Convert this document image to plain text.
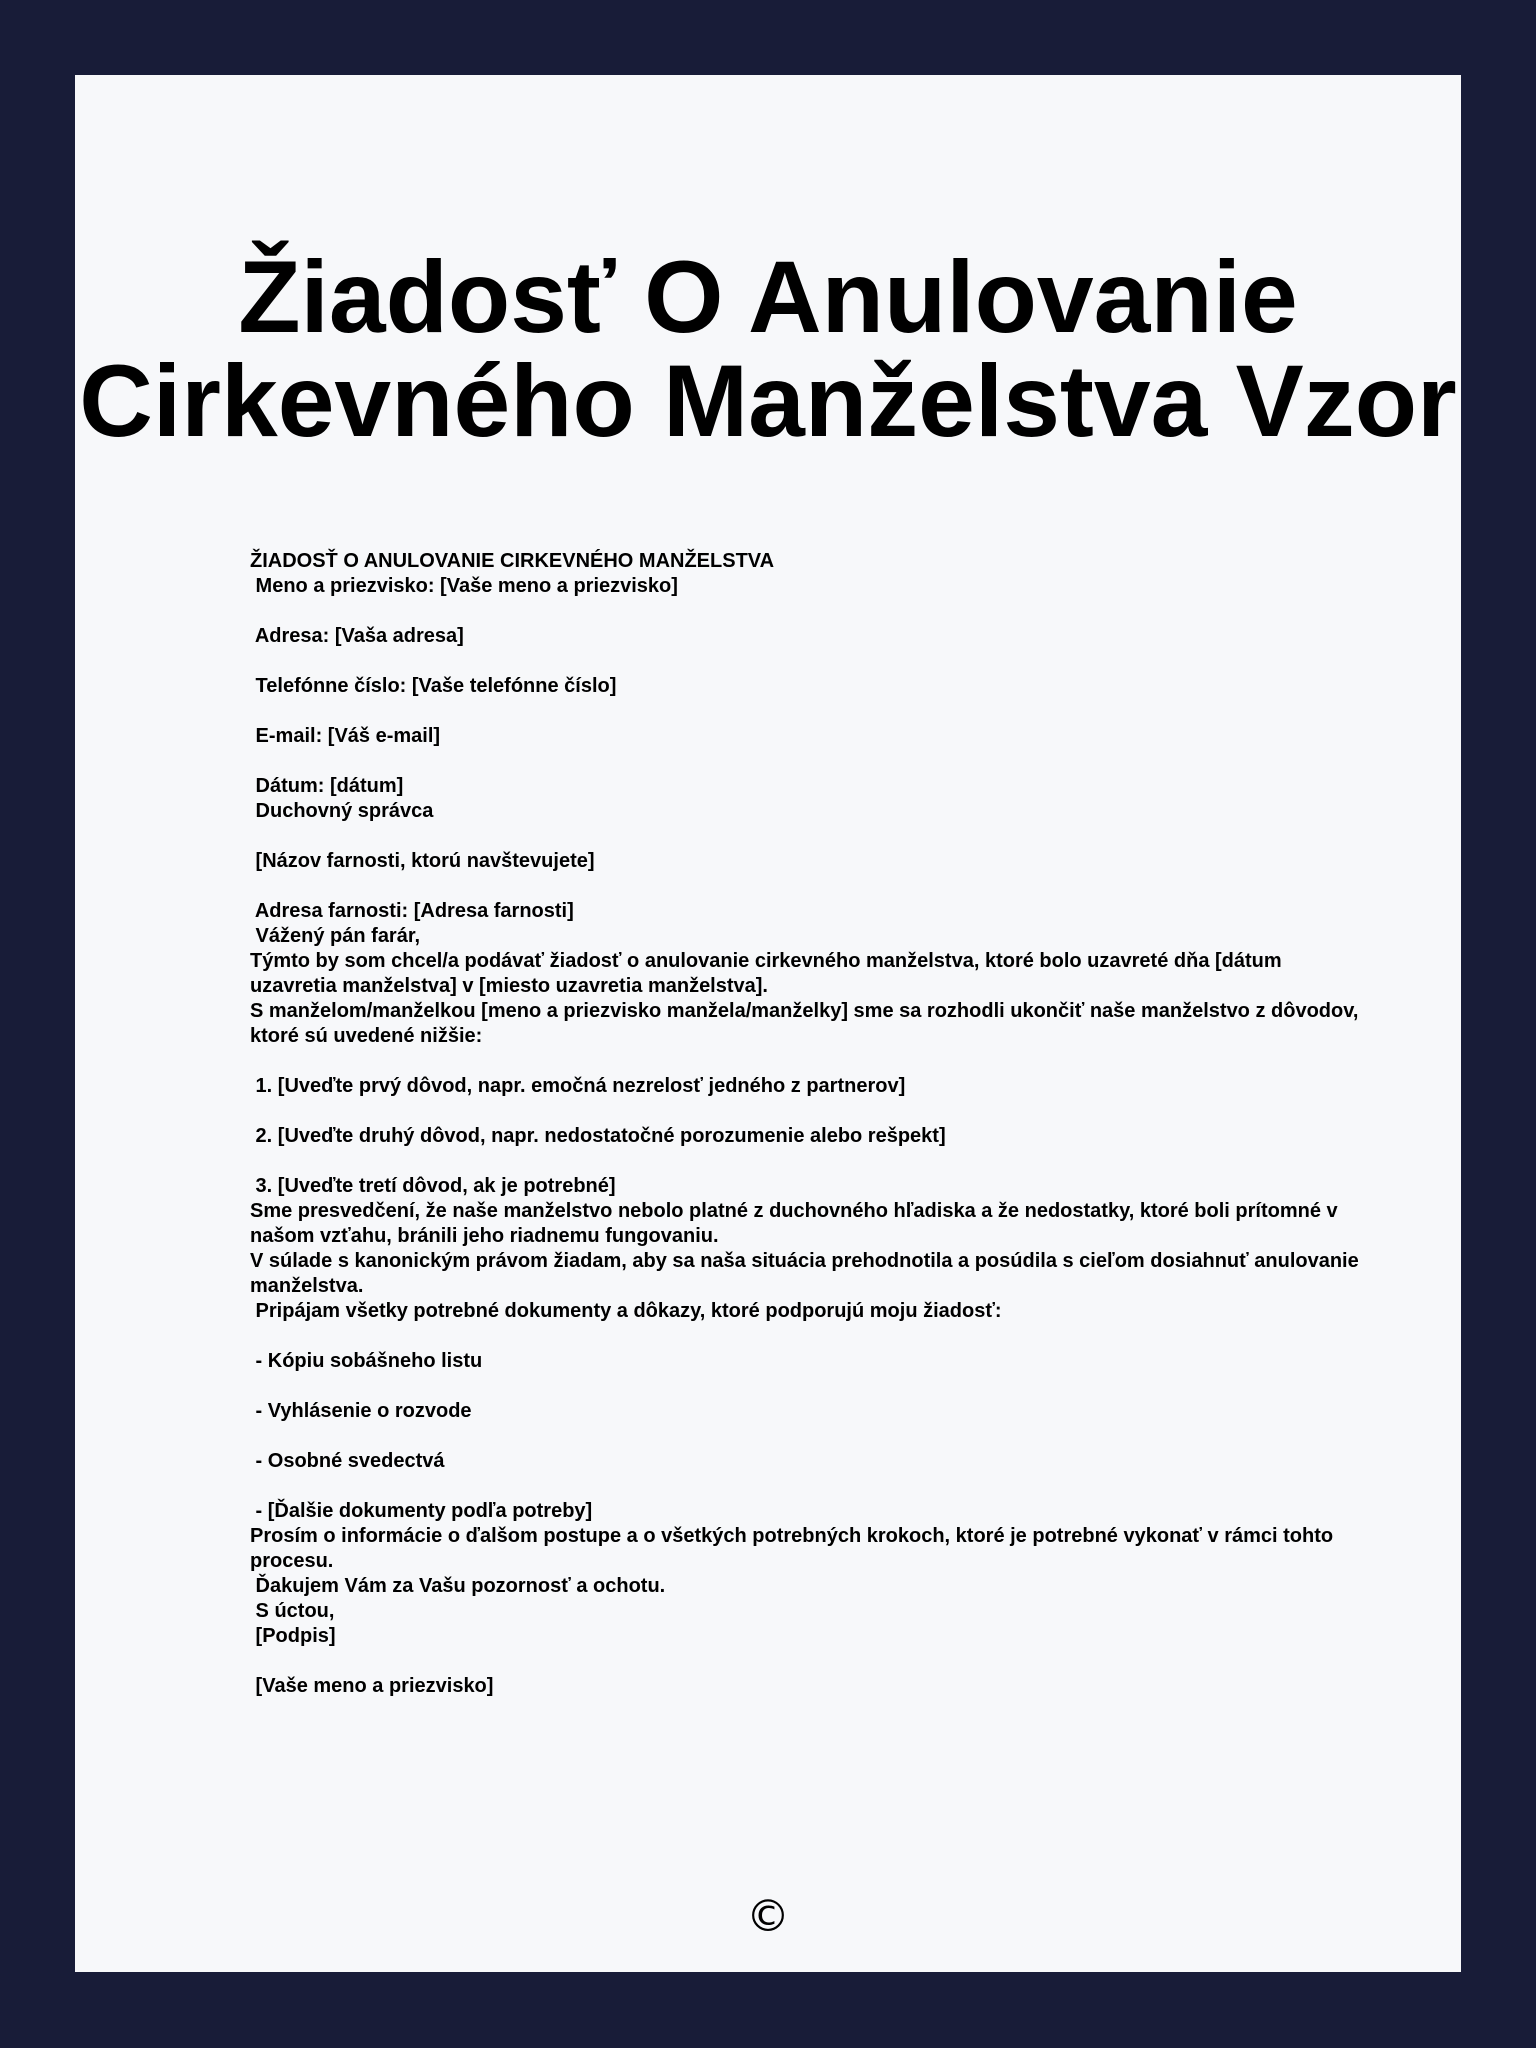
Žiadosť O Anulovanie
Cirkevného Manželstva Vzor
ŽIADOSŤ O ANULOVANIE CIRKEVNÉHO MANŽELSTVA
Meno a priezvisko: [Vaše meno a priezvisko]
Adresa: [Vaša adresa]
Telefónne číslo: [Vaše telefónne číslo]
E-mail: [Váš e-mail]
Dátum: [dátum]
Duchovný správca
[Názov farnosti, ktorú navštevujete]
Adresa farnosti: [Adresa farnosti]
Vážený pán farár,
Týmto by som chcel/a podávať žiadosť o anulovanie cirkevného manželstva, ktoré bolo uzavreté dňa [dátum uzavretia manželstva] v [miesto uzavretia manželstva].
S manželom/manželkou [meno a priezvisko manžela/manželky] sme sa rozhodli ukončiť naše manželstvo z dôvodov, ktoré sú uvedené nižšie:
1. [Uveďte prvý dôvod, napr. emočná nezrelosť jedného z partnerov]
2. [Uveďte druhý dôvod, napr. nedostatočné porozumenie alebo rešpekt]
3. [Uveďte tretí dôvod, ak je potrebné]
Sme presvedčení, že naše manželstvo nebolo platné z duchovného hľadiska a že nedostatky, ktoré boli prítomné v našom vzťahu, bránili jeho riadnemu fungovaniu.
V súlade s kanonickým právom žiadam, aby sa naša situácia prehodnotila a posúdila s cieľom dosiahnuť anulovanie manželstva.
Pripájam všetky potrebné dokumenty a dôkazy, ktoré podporujú moju žiadosť:
- Kópiu sobášneho listu
- Vyhlásenie o rozvode
- Osobné svedectvá
- [Ďalšie dokumenty podľa potreby]
Prosím o informácie o ďalšom postupe a o všetkých potrebných krokoch, ktoré je potrebné vykonať v rámci tohto procesu.
Ďakujem Vám za Vašu pozornosť a ochotu.
S úctou,
[Podpis]
[Vaše meno a priezvisko]
©
